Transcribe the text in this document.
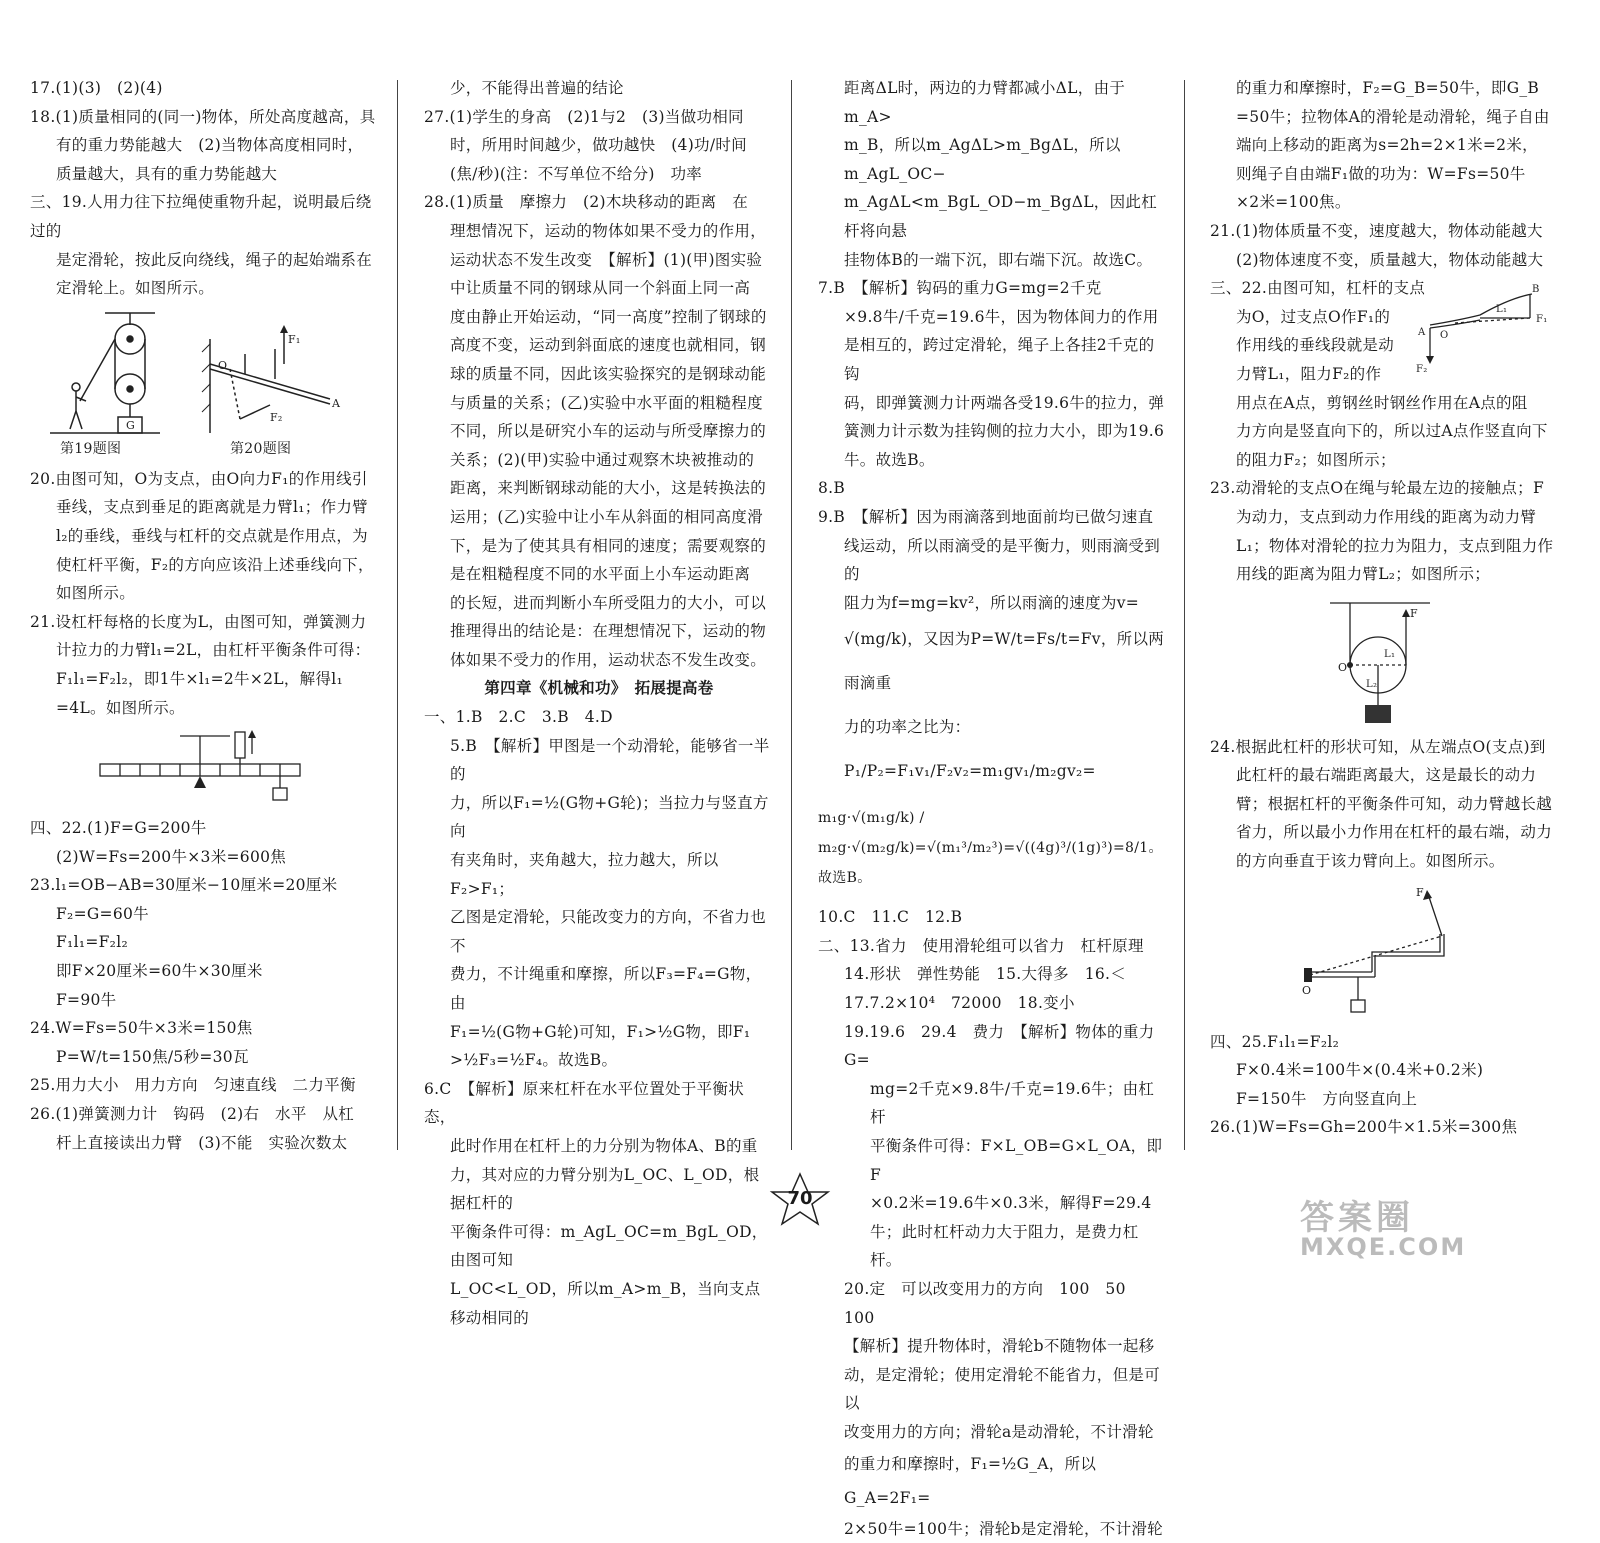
17.(1)(3)　(2)(4)

18.(1)质量相同的(同一)物体，所处高度越高，具

有的重力势能越大　(2)当物体高度相同时，

质量越大，具有的重力势能越大

三、19.人用力往下拉绳使重物升起，说明最后绕过的

是定滑轮，按此反向绕线，绳子的起始端系在

定滑轮上。如图所示。

G
O
F₁
A
F₂
第19题图	第20题图

20.由图可知，O为支点，由O向力F₁的作用线引

垂线，支点到垂足的距离就是力臂l₁；作力臂

l₂的垂线，垂线与杠杆的交点就是作用点，为

使杠杆平衡，F₂的方向应该沿上述垂线向下，

如图所示。

21.设杠杆每格的长度为L，由图可知，弹簧测力

计拉力的力臂l₁=2L，由杠杆平衡条件可得：

F₁l₁=F₂l₂，即1牛×l₁=2牛×2L，解得l₁

=4L。如图所示。

四、22.(1)F=G=200牛

(2)W=Fs=200牛×3米=600焦

23.l₁=OB−AB=30厘米−10厘米=20厘米

F₂=G=60牛

F₁l₁=F₂l₂

即F×20厘米=60牛×30厘米

F=90牛

24.W=Fs=50牛×3米=150焦

P=W/t=150焦/5秒=30瓦

25.用力大小　用力方向　匀速直线　二力平衡

26.(1)弹簧测力计　钩码　(2)右　水平　从杠

杆上直接读出力臂　(3)不能　实验次数太

少，不能得出普遍的结论

27.(1)学生的身高　(2)1与2　(3)当做功相同

时，所用时间越少，做功越快　(4)功/时间

(焦/秒)(注：不写单位不给分)　功率

28.(1)质量　摩擦力　(2)木块移动的距离　在

理想情况下，运动的物体如果不受力的作用，

运动状态不发生改变　【解析】(1)(甲)图实验

中让质量不同的钢球从同一个斜面上同一高

度由静止开始运动，“同一高度”控制了钢球的

高度不变，运动到斜面底的速度也就相同，钢

球的质量不同，因此该实验探究的是钢球动能

与质量的关系；(乙)实验中水平面的粗糙程度

不同，所以是研究小车的运动与所受摩擦力的

关系；(2)(甲)实验中通过观察木块被推动的

距离，来判断钢球动能的大小，这是转换法的

运用；(乙)实验中让小车从斜面的相同高度滑

下，是为了使其具有相同的速度；需要观察的

是在粗糙程度不同的水平面上小车运动距离

的长短，进而判断小车所受阻力的大小，可以

推理得出的结论是：在理想情况下，运动的物

体如果不受力的作用，运动状态不发生改变。

第四章《机械和功》　拓展提高卷

一、1.B　2.C　3.B　4.D

5.B　【解析】甲图是一个动滑轮，能够省一半的

力，所以F₁=½(G物+G轮)；当拉力与竖直方向

有夹角时，夹角越大，拉力越大，所以F₂>F₁；

乙图是定滑轮，只能改变力的方向，不省力也不

费力，不计绳重和摩擦，所以F₃=F₄=G物，由

F₁=½(G物+G轮)可知，F₁>½G物，即F₁

>½F₃=½F₄。故选B。

6.C　【解析】原来杠杆在水平位置处于平衡状态，

此时作用在杠杆上的力分别为物体A、B的重

力，其对应的力臂分别为L_OC、L_OD，根据杠杆的

平衡条件可得：m_AgL_OC=m_BgL_OD，由图可知

L_OC<L_OD，所以m_A>m_B，当向支点移动相同的

距离ΔL时，两边的力臂都减小ΔL，由于m_A>

m_B，所以m_AgΔL>m_BgΔL，所以m_AgL_OC−

m_AgΔL<m_BgL_OD−m_BgΔL，因此杠杆将向悬

挂物体B的一端下沉，即右端下沉。故选C。

7.B　【解析】钩码的重力G=mg=2千克

×9.8牛/千克=19.6牛，因为物体间力的作用

是相互的，跨过定滑轮，绳子上各挂2千克的钩

码，即弹簧测力计两端各受19.6牛的拉力，弹

簧测力计示数为挂钩侧的拉力大小，即为19.6

牛。故选B。

8.B

9.B　【解析】因为雨滴落到地面前均已做匀速直

线运动，所以雨滴受的是平衡力，则雨滴受到的

阻力为f=mg=kv²，所以雨滴的速度为v=

√(mg/k)，又因为P=W/t=Fs/t=Fv，所以两雨滴重

力的功率之比为：P₁/P₂=F₁v₁/F₂v₂=m₁gv₁/m₂gv₂=

m₁g·√(m₁g/k) / m₂g·√(m₂g/k)=√(m₁³/m₂³)=√((4g)³/(1g)³)=8/1。故选B。

10.C　11.C　12.B

二、13.省力　使用滑轮组可以省力　杠杆原理

14.形状　弹性势能　15.大得多　16.＜

17.7.2×10⁴　72000　18.变小

19.19.6　29.4　费力　【解析】物体的重力G=

mg=2千克×9.8牛/千克=19.6牛；由杠杆

平衡条件可得：F×L_OB=G×L_OA，即F

×0.2米=19.6牛×0.3米，解得F=29.4

牛；此时杠杆动力大于阻力，是费力杠杆。

20.定　可以改变用力的方向　100　50　100

【解析】提升物体时，滑轮b不随物体一起移

动，是定滑轮；使用定滑轮不能省力，但是可以

改变用力的方向；滑轮a是动滑轮，不计滑轮

的重力和摩擦时，F₁=½G_A，所以G_A=2F₁=

2×50牛=100牛；滑轮b是定滑轮，不计滑轮

的重力和摩擦时，F₂=G_B=50牛，即G_B

=50牛；拉物体A的滑轮是动滑轮，绳子自由

端向上移动的距离为s=2h=2×1米=2米，

则绳子自由端F₁做的功为：W=Fs=50牛

×2米=100焦。

21.(1)物体质量不变，速度越大，物体动能越大

(2)物体速度不变，质量越大，物体动能越大

三、22.由图可知，杠杆的支点

为O，过支点O作F₁的

作用线的垂线段就是动

力臂L₁，阻力F₂的作

O
A
B
L₁
F₁
F₂

用点在A点，剪钢丝时钢丝作用在A点的阻

力方向是竖直向下的，所以过A点作竖直向下

的阻力F₂；如图所示；

23.动滑轮的支点O在绳与轮最左边的接触点；F

为动力，支点到动力作用线的距离为动力臂

L₁；物体对滑轮的拉力为阻力，支点到阻力作

用线的距离为阻力臂L₂；如图所示；

O
F
L₁
L₂

24.根据此杠杆的形状可知，从左端点O(支点)到

此杠杆的最右端距离最大，这是最长的动力

臂；根据杠杆的平衡条件可知，动力臂越长越

省力，所以最小力作用在杠杆的最右端，动力

的方向垂直于该力臂向上。如图所示。

O
F

四、25.F₁l₁=F₂l₂

F×0.4米=100牛×(0.4米+0.2米)

F=150牛　方向竖直向上

26.(1)W=Fs=Gh=200牛×1.5米=300焦

70	答案圈
MXQE.COM
